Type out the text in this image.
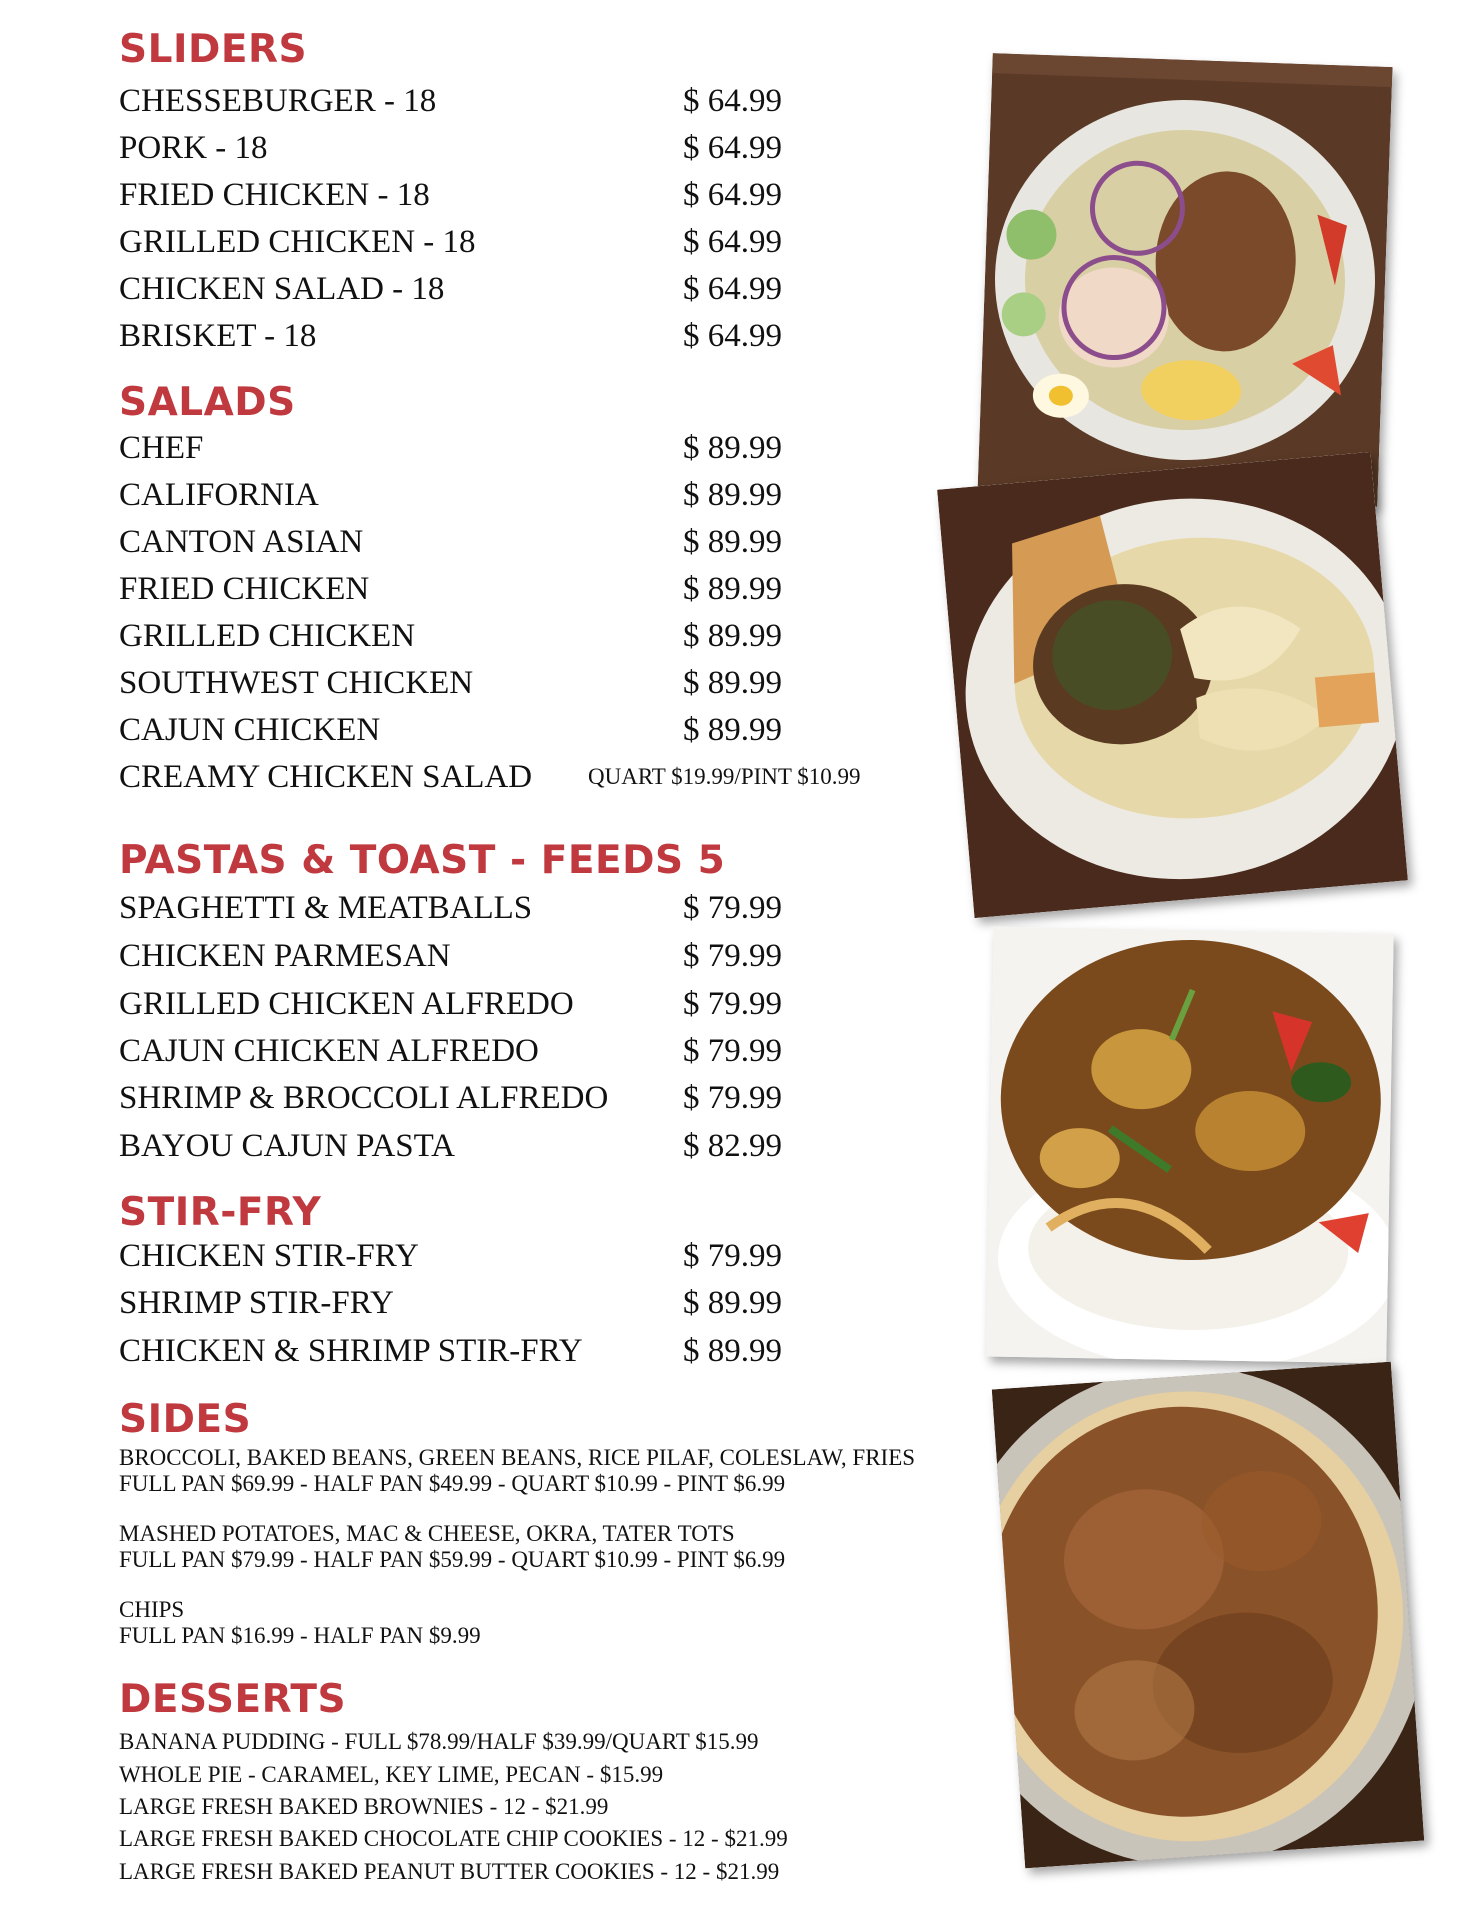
SLIDERS
CHESSEBURGER - 18	$ 64.99
PORK - 18	$ 64.99
FRIED CHICKEN - 18	$ 64.99
GRILLED CHICKEN - 18	$ 64.99
CHICKEN SALAD - 18	$ 64.99
BRISKET - 18	$ 64.99
SALADS
CHEF	$ 89.99
CALIFORNIA	$ 89.99
CANTON ASIAN	$ 89.99
FRIED CHICKEN	$ 89.99
GRILLED CHICKEN	$ 89.99
SOUTHWEST CHICKEN	$ 89.99
CAJUN CHICKEN	$ 89.99
CREAMY CHICKEN SALAD QUART $19.99/PINT $10.99
PASTAS & TOAST - FEEDS 5
SPAGHETTI & MEATBALLS	$ 79.99
CHICKEN PARMESAN	$ 79.99
GRILLED CHICKEN ALFREDO	$ 79.99
CAJUN CHICKEN ALFREDO	$ 79.99
SHRIMP & BROCCOLI ALFREDO $ 79.99
BAYOU CAJUN PASTA	$ 82.99
STIR-FRY
CHICKEN STIR-FRY	$ 79.99
SHRIMP STIR-FRY	$ 89.99
CHICKEN & SHRIMP STIR-FRY	$ 89.99
SIDES
BROCCOLI, BAKED BEANS, GREEN BEANS, RICE PILAF, COLESLAW, FRIES
FULL PAN $69.99 - HALF PAN $49.99 - QUART $10.99 - PINT $6.99
MASHED POTATOES, MAC & CHEESE, OKRA, TATER TOTS
FULL PAN $79.99 - HALF PAN $59.99 - QUART $10.99 - PINT $6.99
CHIPS
FULL PAN $16.99 - HALF PAN $9.99
DESSERTS
BANANA PUDDING - FULL $78.99/HALF $39.99/QUART $15.99
WHOLE PIE - CARAMEL, KEY LIME, PECAN - $15.99
LARGE FRESH BAKED BROWNIES - 12 - $21.99
LARGE FRESH BAKED CHOCOLATE CHIP COOKIES - 12 - $21.99
LARGE FRESH BAKED PEANUT BUTTER COOKIES - 12 - $21.99
